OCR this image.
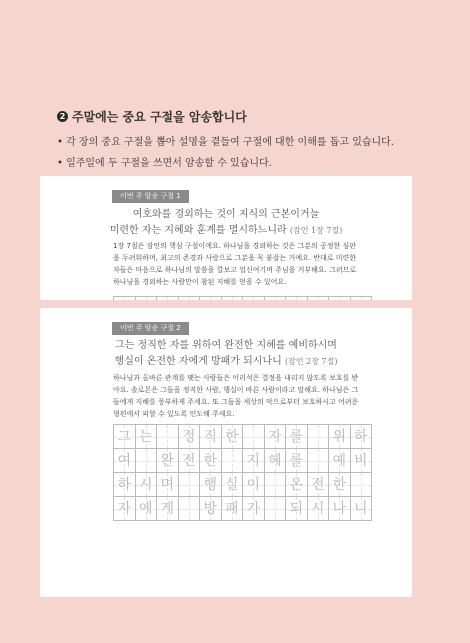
2 주말에는 중요 구절을 암송합니다
• 각 장의 중요 구절을 뽑아 설명을 곁들여 구절에 대한 이해를 돕고 있습니다.
• 일주일에 두 구절을 쓰면서 암송할 수 있습니다.
이번 주 암송 구절 1
여호와를 경외하는 것이 지식의 근본이거늘
미련한 자는 지혜와 훈계를 멸시하느니라 (잠언 1장 7절)
1장 7절은 잠언의 핵심 구절이에요. 하나님을 경외하는 것은 그분의 공정한 심판을 두려워하며, 최고의 존경과 사랑으로 그분을 꼭 붙잡는 거예요. 반대로 미련한 자들은 마음으로 하나님의 말씀을 깔보고 업신여기며 주님을 거부해요. 그러므로 하나님을 경외하는 사람만이 참된 지혜를 얻을 수 있어요.
이번 주 암송 구절 2
그는 정직한 자를 위하여 완전한 지혜를 예비하시며
행실이 온전한 자에게 방패가 되시나니 (잠언 2장 7절)
하나님과 올바른 관계를 맺는 사람들은 어리석은 결정을 내리지 않도록 보호를 받아요. 솔로몬은 그들을 정직한 사람, 행실이 바른 사람이라고 말해요. 하나님은 그들에게 지혜를 풍부하게 주세요. 또 그들을 세상의 악으로부터 보호하시고 어려운 형편에서 피할 수 있도록 인도해 주세요.
그 는	정 직 한	자 를	위 하
여	완 전 한	지 혜 를	예 비
하 시 며	행 실 이	온 전 한
자 에 게	방 패 가	되 시 나 니
